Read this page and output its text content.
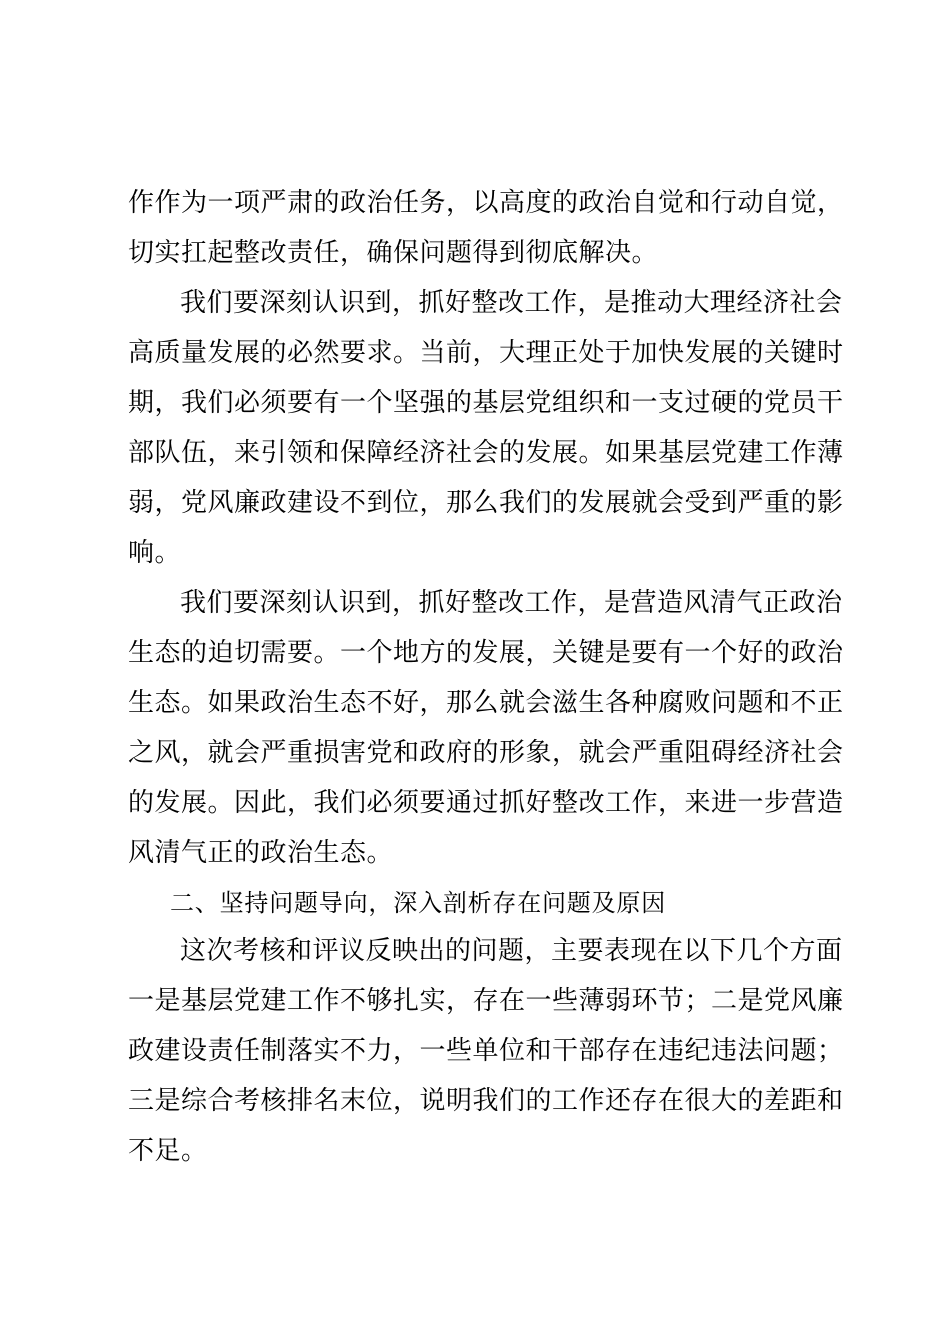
作作为一项严肃的政治任务，以高度的政治自觉和行动自觉，
切实扛起整改责任，确保问题得到彻底解决。
我们要深刻认识到，抓好整改工作，是推动大理经济社会
高质量发展的必然要求。当前，大理正处于加快发展的关键时
期，我们必须要有一个坚强的基层党组织和一支过硬的党员干
部队伍，来引领和保障经济社会的发展。如果基层党建工作薄
弱，党风廉政建设不到位，那么我们的发展就会受到严重的影
响。
我们要深刻认识到，抓好整改工作，是营造风清气正政治
生态的迫切需要。一个地方的发展，关键是要有一个好的政治
生态。如果政治生态不好，那么就会滋生各种腐败问题和不正
之风，就会严重损害党和政府的形象，就会严重阻碍经济社会
的发展。因此，我们必须要通过抓好整改工作，来进一步营造
风清气正的政治生态。
二、坚持问题导向，深入剖析存在问题及原因
这次考核和评议反映出的问题，主要表现在以下几个方面
一是基层党建工作不够扎实，存在一些薄弱环节；二是党风廉
政建设责任制落实不力，一些单位和干部存在违纪违法问题；
三是综合考核排名末位，说明我们的工作还存在很大的差距和
不足。
